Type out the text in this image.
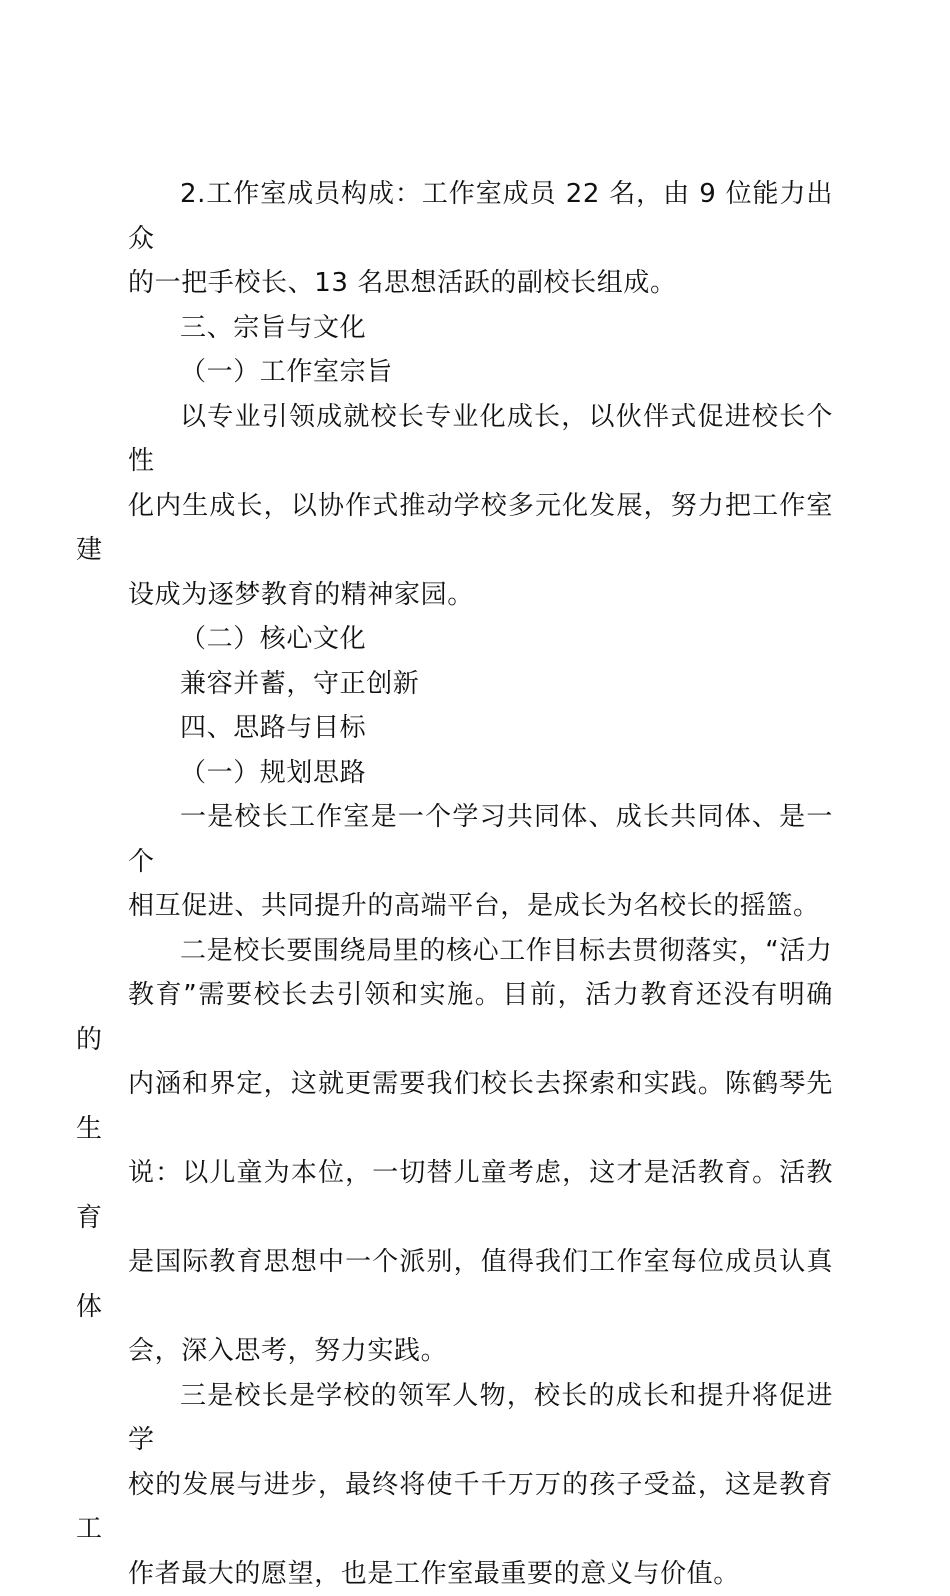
2.工作室成员构成：工作室成员 22 名，由 9 位能力出众
的一把手校长、13 名思想活跃的副校长组成。

三、宗旨与文化

（一）工作室宗旨

以专业引领成就校长专业化成长，以伙伴式促进校长个性
化内生成长，以协作式推动学校多元化发展，努力把工作室建
设成为逐梦教育的精神家园。

（二）核心文化

兼容并蓄，守正创新

四、思路与目标

（一）规划思路

一是校长工作室是一个学习共同体、成长共同体、是一个
相互促进、共同提升的高端平台，是成长为名校长的摇篮。

二是校长要围绕局里的核心工作目标去贯彻落实，“活力
教育”需要校长去引领和实施。目前，活力教育还没有明确的
内涵和界定，这就更需要我们校长去探索和实践。陈鹤琴先生
说：以儿童为本位，一切替儿童考虑，这才是活教育。活教育
是国际教育思想中一个派别，值得我们工作室每位成员认真体
会，深入思考，努力实践。

三是校长是学校的领军人物，校长的成长和提升将促进学
校的发展与进步，最终将使千千万万的孩子受益，这是教育工
作者最大的愿望，也是工作室最重要的意义与价值。
